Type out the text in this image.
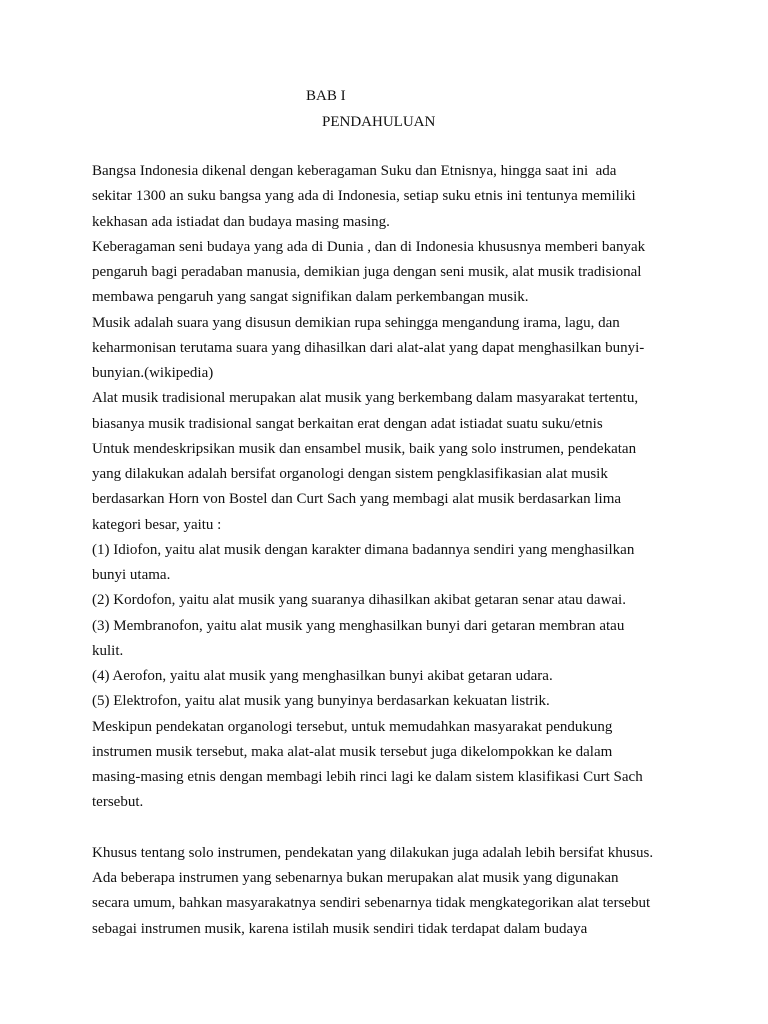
BAB I
PENDAHULUAN
Bangsa Indonesia dikenal dengan keberagaman Suku dan Etnisnya, hingga saat ini  ada
sekitar 1300 an suku bangsa yang ada di Indonesia, setiap suku etnis ini tentunya memiliki
kekhasan ada istiadat dan budaya masing masing.
Keberagaman seni budaya yang ada di Dunia , dan di Indonesia khususnya memberi banyak
pengaruh bagi peradaban manusia, demikian juga dengan seni musik, alat musik tradisional
membawa pengaruh yang sangat signifikan dalam perkembangan musik.
Musik adalah suara yang disusun demikian rupa sehingga mengandung irama, lagu, dan
keharmonisan terutama suara yang dihasilkan dari alat-alat yang dapat menghasilkan bunyi-
bunyian.(wikipedia)
Alat musik tradisional merupakan alat musik yang berkembang dalam masyarakat tertentu,
biasanya musik tradisional sangat berkaitan erat dengan adat istiadat suatu suku/etnis
Untuk mendeskripsikan musik dan ensambel musik, baik yang solo instrumen, pendekatan
yang dilakukan adalah bersifat organologi dengan sistem pengklasifikasian alat musik
berdasarkan Horn von Bostel dan Curt Sach yang membagi alat musik berdasarkan lima
kategori besar, yaitu :
(1) Idiofon, yaitu alat musik dengan karakter dimana badannya sendiri yang menghasilkan
bunyi utama.
(2) Kordofon, yaitu alat musik yang suaranya dihasilkan akibat getaran senar atau dawai.
(3) Membranofon, yaitu alat musik yang menghasilkan bunyi dari getaran membran atau
kulit.
(4) Aerofon, yaitu alat musik yang menghasilkan bunyi akibat getaran udara.
(5) Elektrofon, yaitu alat musik yang bunyinya berdasarkan kekuatan listrik.
Meskipun pendekatan organologi tersebut, untuk memudahkan masyarakat pendukung
instrumen musik tersebut, maka alat-alat musik tersebut juga dikelompokkan ke dalam
masing-masing etnis dengan membagi lebih rinci lagi ke dalam sistem klasifikasi Curt Sach
tersebut.
Khusus tentang solo instrumen, pendekatan yang dilakukan juga adalah lebih bersifat khusus.
Ada beberapa instrumen yang sebenarnya bukan merupakan alat musik yang digunakan
secara umum, bahkan masyarakatnya sendiri sebenarnya tidak mengkategorikan alat tersebut
sebagai instrumen musik, karena istilah musik sendiri tidak terdapat dalam budaya
